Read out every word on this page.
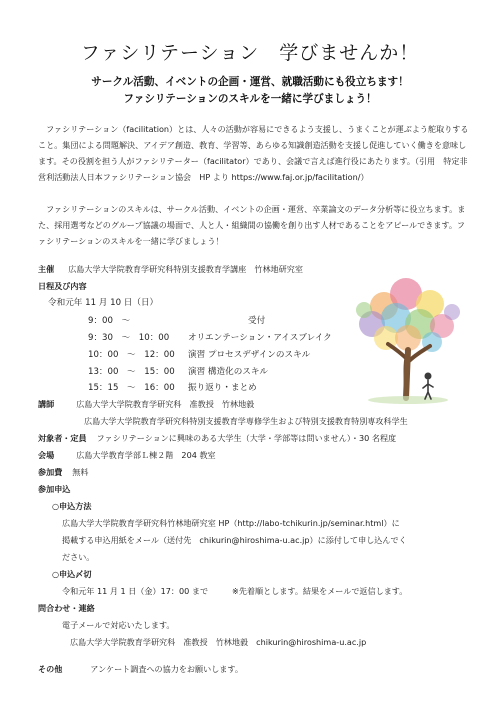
ファシリテーション　学びませんか！
サークル活動、イベントの企画・運営、就職活動にも役立ちます！
ファシリテーションのスキルを一緒に学びましょう！
ファシリテーション（facilitation）とは、人々の活動が容易にできるよう支援し、うまくことが運ぶよう舵取りすること。集団による問題解決、アイデア創造、教育、学習等、あらゆる知識創造活動を支援し促進していく働きを意味します。その役割を担う人がファシリテーター（facilitator）であり、会議で言えば進行役にあたります。（引用　特定非営利活動法人日本ファシリテーション協会　HP より https://www.faj.or.jp/facilitation/）
ファシリテーションのスキルは、サークル活動、イベントの企画・運営、卒業論文のデータ分析等に役立ちます。また、採用選考などのグループ協議の場面で、人と人・組織間の協働を創り出す人材であることをアピールできます。ファシリテーションのスキルを一緒に学びましょう！
主催 広島大学大学院教育学研究科特別支援教育学講座　竹林地研究室
日程及び内容
令和元年 11 月 10 日（日）
9：00　～	受付
9：30　～　10：00 オリエンテーション・アイスブレイク
10：00　～　12：00 演習 プロセスデザインのスキル
13：00　～　15：00 演習 構造化のスキル
15：15　～　16：00 振り返り・まとめ
講師	広島大学大学院教育学研究科　准教授　竹林地毅
広島大学大学院教育学研究科特別支援教育学専修学生および特別支援教育特別専攻科学生
対象者・定員 ファシリテーションに興味のある大学生（大学・学部等は問いません）・30 名程度
会場	広島大学教育学部Ｌ棟２階　204 教室
参加費 無料
参加申込
○申込方法
広島大学大学院教育学研究科竹林地研究室 HP（http://labo-tchikurin.jp/seminar.html）に
掲載する申込用紙をメール（送付先　chikurin@hiroshima-u.ac.jp）に添付して申し込んでく
ださい。
○申込〆切
令和元年 11 月 1 日（金）17：00 まで	※先着順とします。結果をメールで返信します。
問合わせ・連絡
電子メールで対応いたします。
広島大学大学院教育学研究科　准教授　竹林地毅　chikurin@hiroshima-u.ac.jp
その他	アンケート調査への協力をお願いします。
